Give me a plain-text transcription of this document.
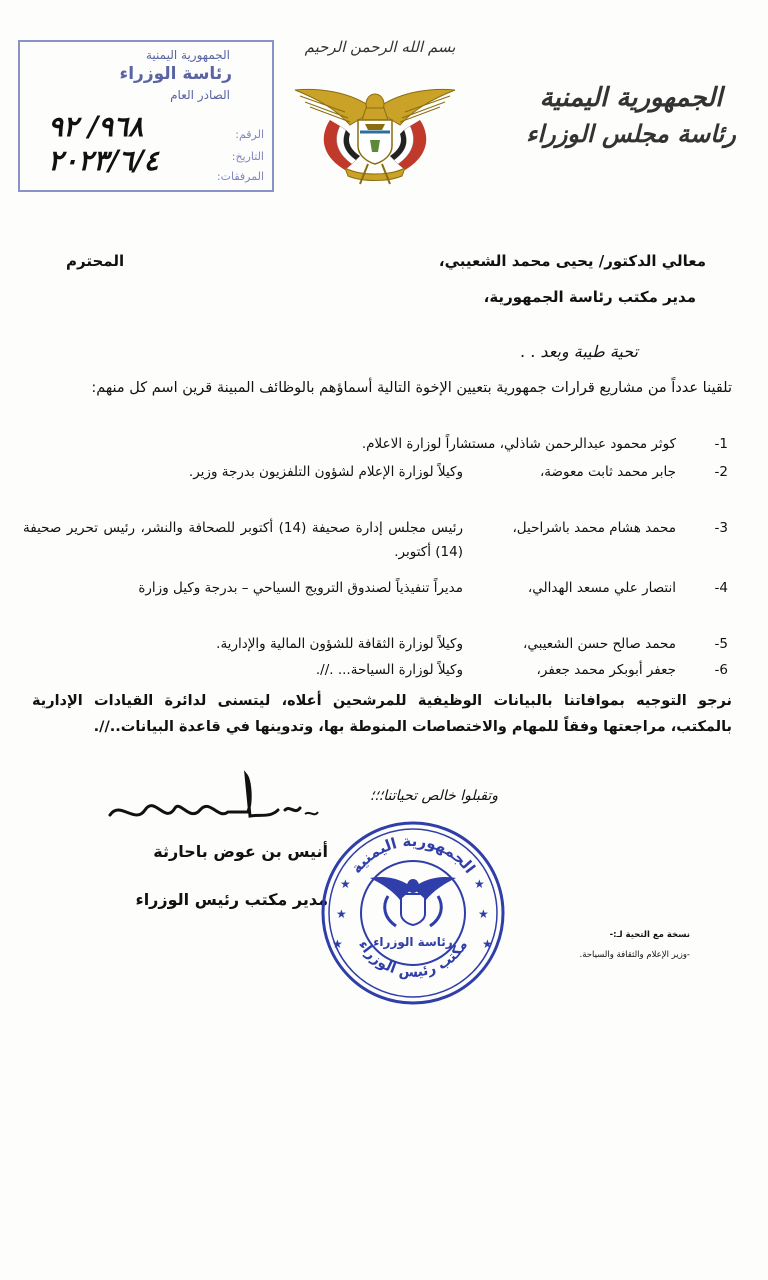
الجمهورية اليمنية
رئاسة مجلس الوزراء
بسم الله الرحمن الرحيم
الجمهورية اليمنية
رئاسة الوزراء
الصادر العام
الرقم:
التاريخ:
المرفقات:
٩٦٨/ ٩٢
٢٠٢٣/٦/٤
معالي الدكتور/ يحيى محمد الشعيبي،
المحترم
مدير مكتب رئاسة الجمهورية،
تحية طيبة وبعد . .
تلقينا عدداً من مشاريع قرارات جمهورية بتعيين الإخوة التالية أسماؤهم بالوظائف المبينة قرين اسم كل منهم:
1-
كوثر محمود عبدالرحمن شاذلي، مستشاراً لوزارة الاعلام.
2-
جابر محمد ثابت معوضة،
وكيلاً لوزارة الإعلام لشؤون التلفزيون بدرجة وزير.
3-
محمد هشام محمد باشراحيل،
رئيس مجلس إدارة صحيفة (14) أكتوبر للصحافة والنشر، رئيس تحرير صحيفة (14) أكتوبر.
4-
انتصار علي مسعد الهدالي،
مديراً تنفيذياً لصندوق الترويج السياحي – بدرجة وكيل وزارة
5-
محمد صالح حسن الشعيبي،
وكيلاً لوزارة الثقافة للشؤون المالية والإدارية.
6-
جعفر أبوبكر محمد جعفر،
وكيلاً لوزارة السياحة... .//.
نرجو التوجيه بموافاتنا بالبيانات الوظيفية للمرشحين أعلاه، ليتسنى لدائرة القيادات الإدارية بالمكتب، مراجعتها وفقاً للمهام والاختصاصات المنوطة بها، وتدوينها في قاعدة البيانات..//.
وتقبلوا خالص تحياتنا؛؛؛
أنيس بن عوض باحارثة
مدير مكتب رئيس الوزراء
الجمهورية اليمنية
مكتب رئيس الوزراء
★
★
★
★
★	★
رئاسة الوزراء	نسخة مع التحية لـ:-
-وزير الإعلام والثقافة والسياحة.
